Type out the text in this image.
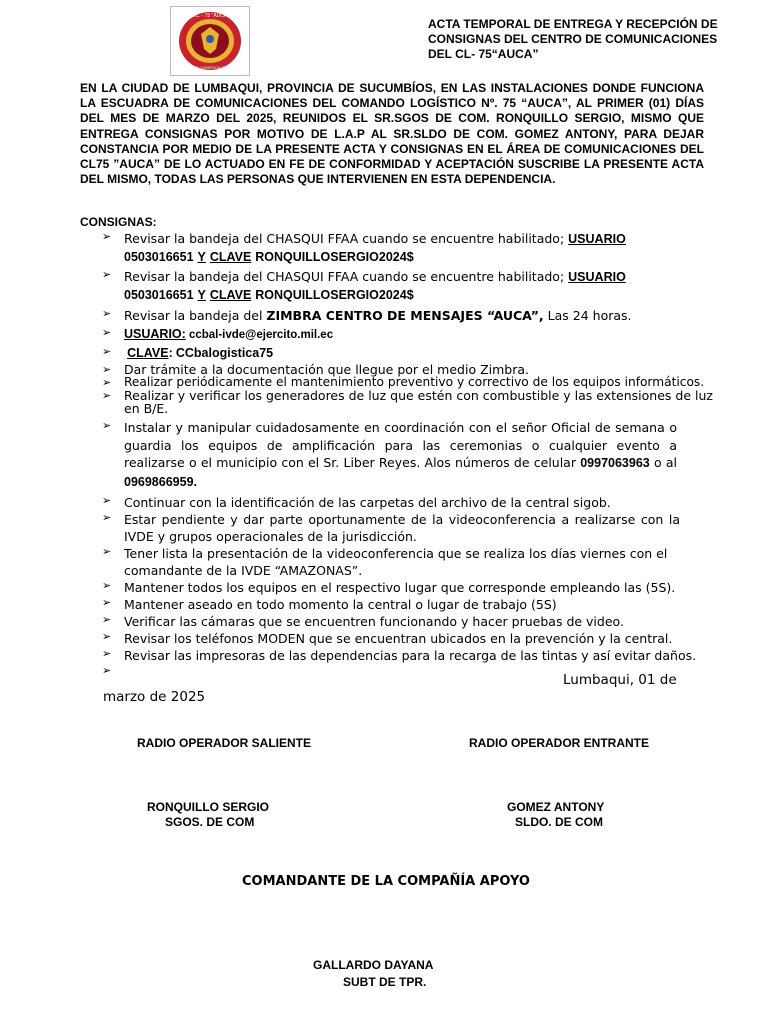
C.L. - 75 "AUCA"
UNIDAD LOGISTICA "T. ZUR"
ACTA TEMPORAL DE ENTREGA Y RECEPCIÓN DE CONSIGNAS DEL CENTRO DE COMUNICACIONES DEL CL- 75“AUCA”
EN LA CIUDAD DE LUMBAQUI, PROVINCIA DE SUCUMBÍOS, EN LAS INSTALACIONES DONDE FUNCIONA LA ESCUADRA DE COMUNICACIONES DEL COMANDO LOGÍSTICO Nº. 75 “AUCA”, AL PRIMER (01) DÍAS DEL MES DE MARZO DEL 2025, REUNIDOS EL SR.SGOS DE COM. RONQUILLO SERGIO, MISMO QUE ENTREGA CONSIGNAS POR MOTIVO DE L.A.P AL SR.SLDO DE COM. GOMEZ ANTONY, PARA DEJAR CONSTANCIA POR MEDIO DE LA PRESENTE ACTA Y CONSIGNAS EN EL ÁREA DE COMUNICACIONES DEL CL75 ”AUCA” DE LO ACTUADO EN FE DE CONFORMIDAD Y ACEPTACIÓN SUSCRIBE LA PRESENTE ACTA DEL MISMO, TODAS LAS PERSONAS QUE INTERVIENEN EN ESTA DEPENDENCIA.
CONSIGNAS:
➢ Revisar la bandeja del CHASQUI FFAA cuando se encuentre habilitado; USUARIO
0503016651 Y CLAVE RONQUILLOSERGIO2024$
➢ Revisar la bandeja del CHASQUI FFAA cuando se encuentre habilitado; USUARIO
0503016651 Y CLAVE RONQUILLOSERGIO2024$
➢ Revisar la bandeja del ZIMBRA CENTRO DE MENSAJES “AUCA”, Las 24 horas.
➢ USUARIO: ccbal-ivde@ejercito.mil.ec
➢ CLAVE: CCbalogistica75
➢ Dar trámite a la documentación que llegue por el medio Zimbra.
➢ Realizar periódicamente el mantenimiento preventivo y correctivo de los equipos informáticos.
➢ Realizar y verificar los generadores de luz que estén con combustible y las extensiones de luz en B/E.
➢ Instalar y manipular cuidadosamente en coordinación con el señor Oficial de semana o guardia los equipos de amplificación para las ceremonias o cualquier evento a realizarse o el municipio con el Sr. Liber Reyes. Alos números de celular 0997063963 o al 0969866959.
➢ Continuar con la identificación de las carpetas del archivo de la central sigob.
➢ Estar pendiente y dar parte oportunamente de la videoconferencia a realizarse con la IVDE y grupos operacionales de la jurisdicción.
➢ Tener lista la presentación de la videoconferencia que se realiza los días viernes con el comandante de la IVDE “AMAZONAS”.
➢ Mantener todos los equipos en el respectivo lugar que corresponde empleando las (5S).
➢ Mantener aseado en todo momento la central o lugar de trabajo (5S)
➢ Verificar las cámaras que se encuentren funcionando y hacer pruebas de video.
➢ Revisar los teléfonos MODEN que se encuentran ubicados en la prevención y la central.
➢ Revisar las impresoras de las dependencias para la recarga de las tintas y así evitar daños.
➢

Lumbaqui, 01 de
marzo de 2025
RADIO OPERADOR SALIENTE	RADIO OPERADOR ENTRANTE
RONQUILLO SERGIO
SGOS. DE COM
GOMEZ ANTONY
SLDO. DE COM
COMANDANTE DE LA COMPAÑÍA APOYO
GALLARDO DAYANA
SUBT DE TPR.
